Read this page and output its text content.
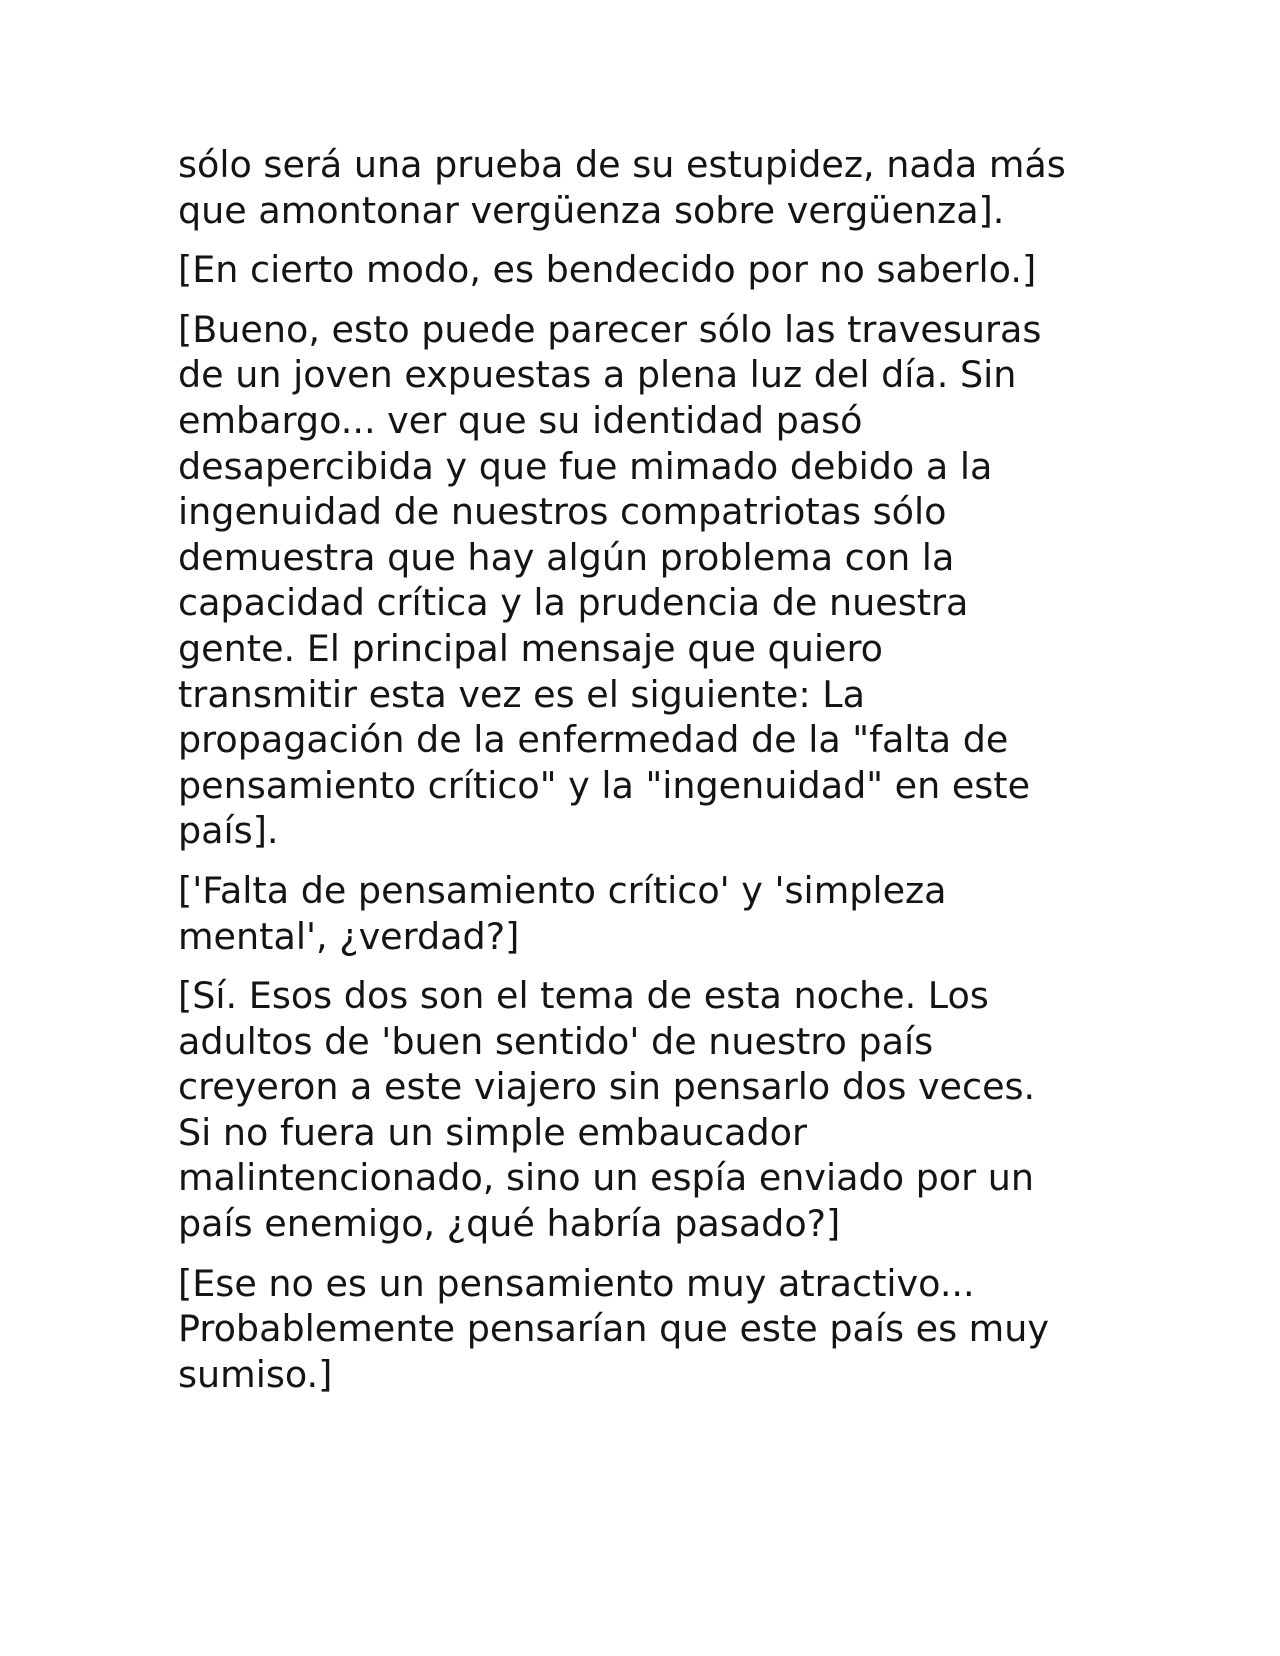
sólo será una prueba de su estupidez, nada más
que amontonar vergüenza sobre vergüenza].

[En cierto modo, es bendecido por no saberlo.]

[Bueno, esto puede parecer sólo las travesuras
de un joven expuestas a plena luz del día. Sin
embargo... ver que su identidad pasó
desapercibida y que fue mimado debido a la
ingenuidad de nuestros compatriotas sólo
demuestra que hay algún problema con la
capacidad crítica y la prudencia de nuestra
gente. El principal mensaje que quiero
transmitir esta vez es el siguiente: La
propagación de la enfermedad de la "falta de
pensamiento crítico" y la "ingenuidad" en este
país].

['Falta de pensamiento crítico' y 'simpleza
mental', ¿verdad?]

[Sí. Esos dos son el tema de esta noche. Los
adultos de 'buen sentido' de nuestro país
creyeron a este viajero sin pensarlo dos veces.
Si no fuera un simple embaucador
malintencionado, sino un espía enviado por un
país enemigo, ¿qué habría pasado?]

[Ese no es un pensamiento muy atractivo...
Probablemente pensarían que este país es muy
sumiso.]
